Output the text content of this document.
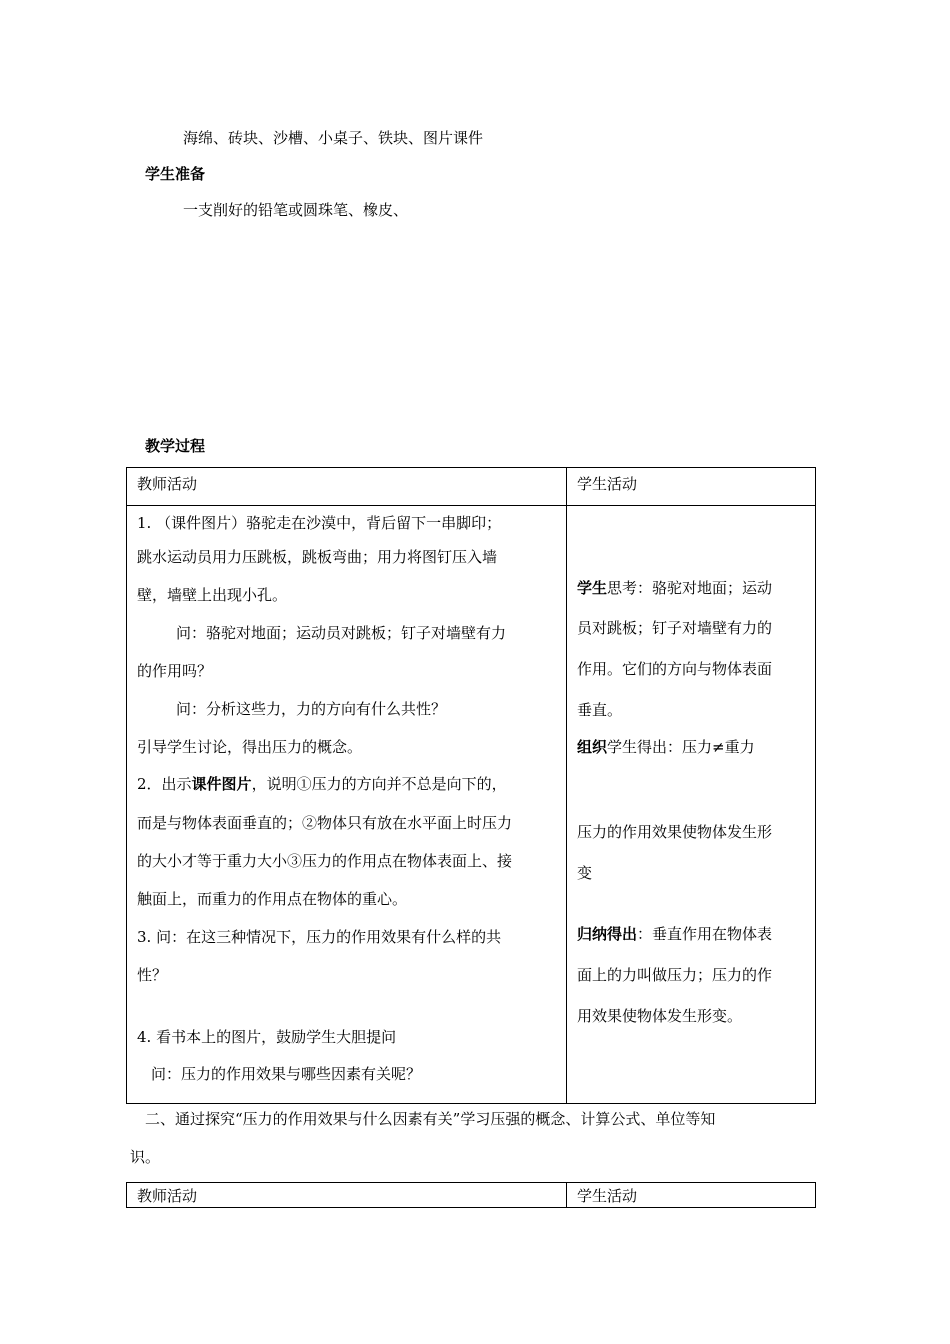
海绵、砖块、沙槽、小桌子、铁块、图片课件
学生准备
一支削好的铅笔或圆珠笔、橡皮、
教学过程
教师活动	学生活动
1. （课件图片）骆驼走在沙漠中，背后留下一串脚印；
跳水运动员用力压跳板，跳板弯曲；用力将图钉压入墙
壁，墙壁上出现小孔。
问：骆驼对地面；运动员对跳板；钉子对墙壁有力
的作用吗？
问：分析这些力，力的方向有什么共性？
引导学生讨论，得出压力的概念。
2．出示课件图片，说明①压力的方向并不总是向下的，
而是与物体表面垂直的；②物体只有放在水平面上时压力
的大小才等于重力大小③压力的作用点在物体表面上、接
触面上，而重力的作用点在物体的重心。
3. 问：在这三种情况下，压力的作用效果有什么样的共
性？
4. 看书本上的图片，鼓励学生大胆提问
问：压力的作用效果与哪些因素有关呢？
学生思考：骆驼对地面；运动
员对跳板；钉子对墙壁有力的
作用。它们的方向与物体表面
垂直。
组织学生得出：压力≠重力
压力的作用效果使物体发生形
变
归纳得出：垂直作用在物体表
面上的力叫做压力；压力的作
用效果使物体发生形变。
二、通过探究“压力的作用效果与什么因素有关”学习压强的概念、计算公式、单位等知
识。
教师活动	学生活动
